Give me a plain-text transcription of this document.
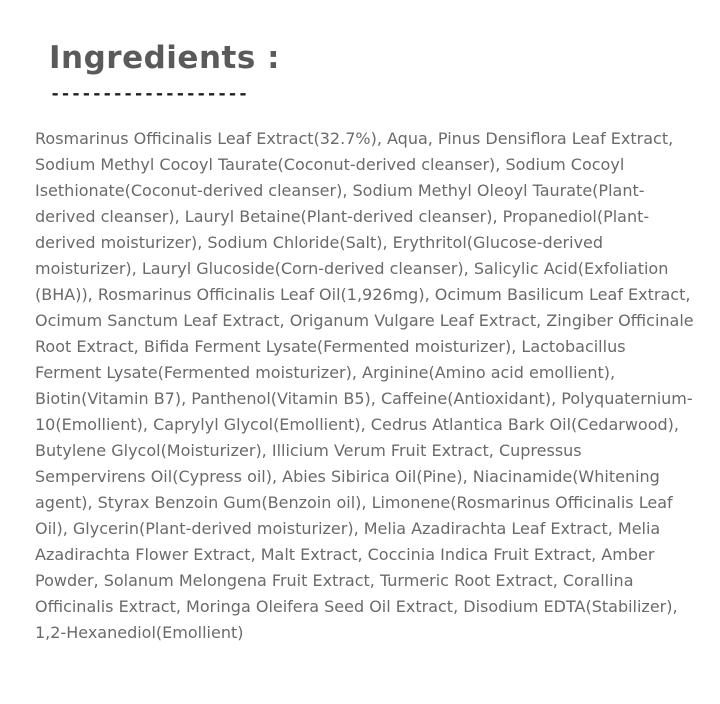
Ingredients :
-------------------

Rosmarinus Officinalis Leaf Extract(32.7%), Aqua, Pinus Densiflora Leaf Extract, Sodium Methyl Cocoyl Taurate(Coconut-derived cleanser), Sodium Cocoyl Isethionate(Coconut-derived cleanser), Sodium Methyl Oleoyl Taurate(Plant-derived cleanser), Lauryl Betaine(Plant-derived cleanser), Propanediol(Plant-derived moisturizer), Sodium Chloride(Salt), Erythritol(Glucose-derived moisturizer), Lauryl Glucoside(Corn-derived cleanser), Salicylic Acid(Exfoliation (BHA)), Rosmarinus Officinalis Leaf Oil(1,926mg), Ocimum Basilicum Leaf Extract, Ocimum Sanctum Leaf Extract, Origanum Vulgare Leaf Extract, Zingiber Officinale Root Extract, Bifida Ferment Lysate(Fermented moisturizer), Lactobacillus Ferment Lysate(Fermented moisturizer), Arginine(Amino acid emollient), Biotin(Vitamin B7), Panthenol(Vitamin B5), Caffeine(Antioxidant), Polyquaternium-10(Emollient), Caprylyl Glycol(Emollient), Cedrus Atlantica Bark Oil(Cedarwood), Butylene Glycol(Moisturizer), Illicium Verum Fruit Extract, Cupressus Sempervirens Oil(Cypress oil), Abies Sibirica Oil(Pine), Niacinamide(Whitening agent), Styrax Benzoin Gum(Benzoin oil), Limonene(Rosmarinus Officinalis Leaf Oil), Glycerin(Plant-derived moisturizer), Melia Azadirachta Leaf Extract, Melia Azadirachta Flower Extract, Malt Extract, Coccinia Indica Fruit Extract, Amber Powder, Solanum Melongena Fruit Extract, Turmeric Root Extract, Corallina Officinalis Extract, Moringa Oleifera Seed Oil Extract, Disodium EDTA(Stabilizer), 1,2-Hexanediol(Emollient)
